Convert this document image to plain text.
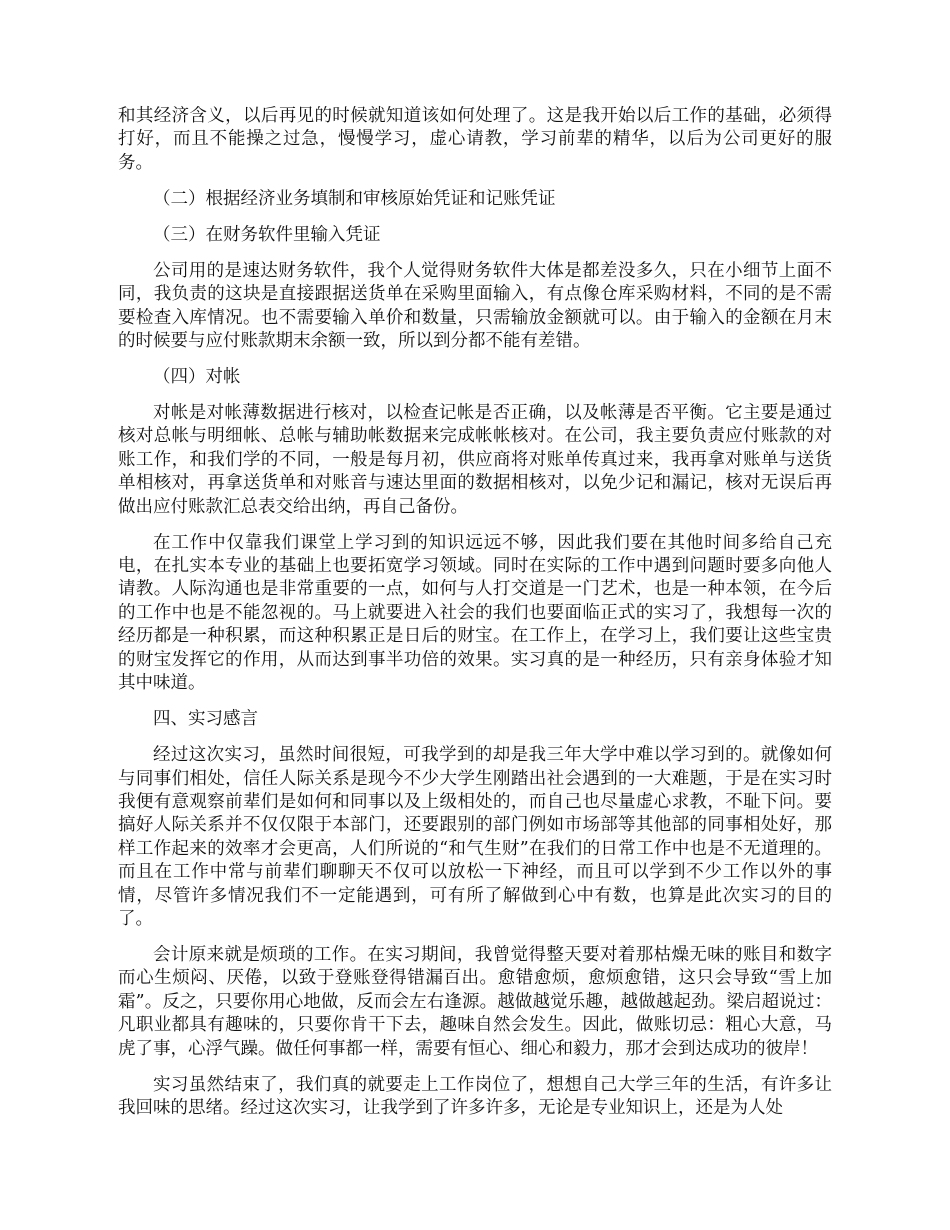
和其经济含义，以后再见的时候就知道该如何处理了。这是我开始以后工作的基础，必须得打好，而且不能操之过急，慢慢学习，虚心请教，学习前辈的精华，以后为公司更好的服务。

（二）根据经济业务填制和审核原始凭证和记账凭证

（三）在财务软件里输入凭证

公司用的是速达财务软件，我个人觉得财务软件大体是都差没多久，只在小细节上面不同，我负责的这块是直接跟据送货单在采购里面输入，有点像仓库采购材料，不同的是不需要检查入库情况。也不需要输入单价和数量，只需输放金额就可以。由于输入的金额在月末的时候要与应付账款期末余额一致，所以到分都不能有差错。

（四）对帐

对帐是对帐薄数据进行核对，以检查记帐是否正确，以及帐薄是否平衡。它主要是通过核对总帐与明细帐、总帐与辅助帐数据来完成帐帐核对。在公司，我主要负责应付账款的对账工作，和我们学的不同，一般是每月初，供应商将对账单传真过来，我再拿对账单与送货单相核对，再拿送货单和对账音与速达里面的数据相核对，以免少记和漏记，核对无误后再做出应付账款汇总表交给出纳，再自己备份。

在工作中仅靠我们课堂上学习到的知识远远不够，因此我们要在其他时间多给自己充电，在扎实本专业的基础上也要拓宽学习领域。同时在实际的工作中遇到问题时要多向他人请教。人际沟通也是非常重要的一点，如何与人打交道是一门艺术，也是一种本领，在今后的工作中也是不能忽视的。马上就要进入社会的我们也要面临正式的实习了，我想每一次的经历都是一种积累，而这种积累正是日后的财宝。在工作上，在学习上，我们要让这些宝贵的财宝发挥它的作用，从而达到事半功倍的效果。实习真的是一种经历，只有亲身体验才知其中味道。

四、实习感言

经过这次实习，虽然时间很短，可我学到的却是我三年大学中难以学习到的。就像如何与同事们相处，信任人际关系是现今不少大学生刚踏出社会遇到的一大难题，于是在实习时我便有意观察前辈们是如何和同事以及上级相处的，而自己也尽量虚心求教，不耻下问。要搞好人际关系并不仅仅限于本部门，还要跟别的部门例如市场部等其他部的同事相处好，那样工作起来的效率才会更高，人们所说的“和气生财”在我们的日常工作中也是不无道理的。而且在工作中常与前辈们聊聊天不仅可以放松一下神经，而且可以学到不少工作以外的事情，尽管许多情况我们不一定能遇到，可有所了解做到心中有数，也算是此次实习的目的了。

会计原来就是烦琐的工作。在实习期间，我曾觉得整天要对着那枯燥无味的账目和数字而心生烦闷、厌倦，以致于登账登得错漏百出。愈错愈烦，愈烦愈错，这只会导致“雪上加霜”。反之，只要你用心地做，反而会左右逢源。越做越觉乐趣，越做越起劲。梁启超说过：凡职业都具有趣味的，只要你肯干下去，趣味自然会发生。因此，做账切忌：粗心大意，马虎了事，心浮气躁。做任何事都一样，需要有恒心、细心和毅力，那才会到达成功的彼岸！

实习虽然结束了，我们真的就要走上工作岗位了，想想自己大学三年的生活，有许多让我回味的思绪。经过这次实习，让我学到了许多许多，无论是专业知识上，还是为人处
